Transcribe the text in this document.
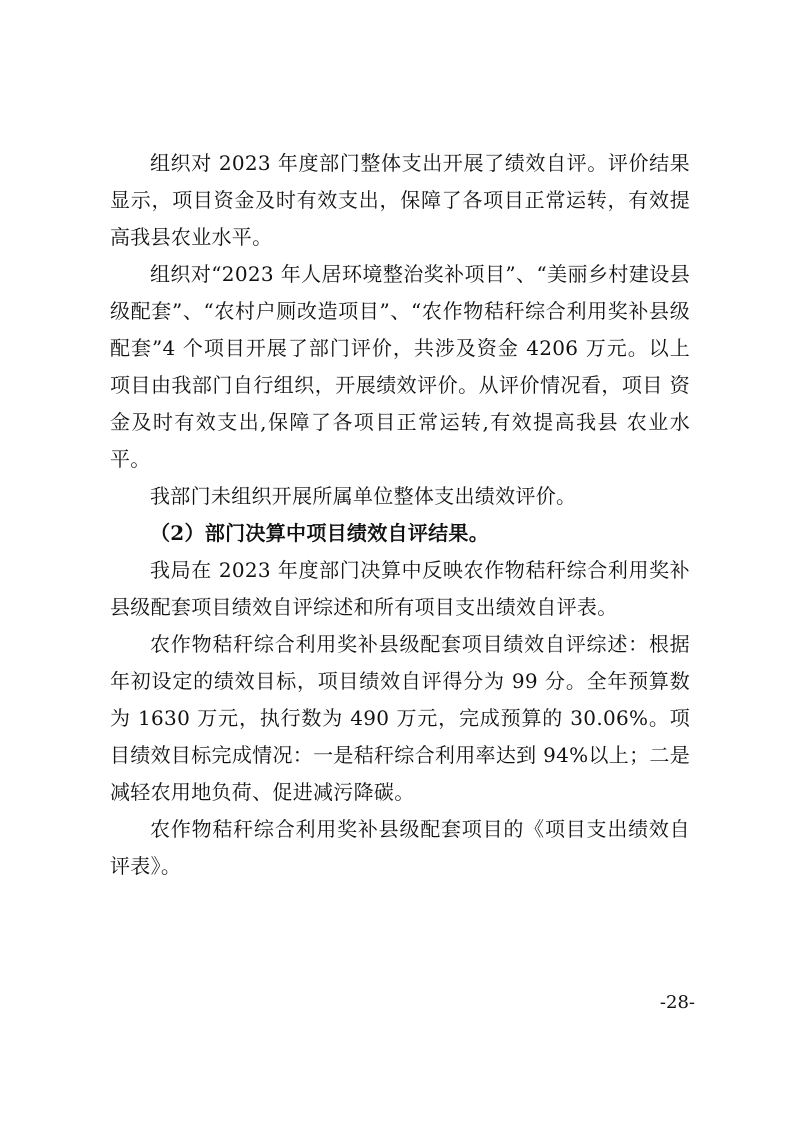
组织对 2023 年度部门整体支出开展了绩效自评。评价结果显示，项目资金及时有效支出，保障了各项目正常运转，有效提高我县农业水平。

组织对“2023 年人居环境整治奖补项目”、“美丽乡村建设县级配套”、“农村户厕改造项目”、“农作物秸秆综合利用奖补县级配套”4 个项目开展了部门评价，共涉及资金 4206 万元。以上项目由我部门自行组织，开展绩效评价。从评价情况看，项目 资金及时有效支出,保障了各项目正常运转,有效提高我县 农业水平。

我部门未组织开展所属单位整体支出绩效评价。

（2）部门决算中项目绩效自评结果。

我局在 2023 年度部门决算中反映农作物秸秆综合利用奖补县级配套项目绩效自评综述和所有项目支出绩效自评表。

农作物秸秆综合利用奖补县级配套项目绩效自评综述：根据年初设定的绩效目标，项目绩效自评得分为 99 分。全年预算数为 1630 万元，执行数为 490 万元，完成预算的 30.06%。项目绩效目标完成情况：一是秸秆综合利用率达到 94%以上；二是减轻农用地负荷、促进减污降碳。

农作物秸秆综合利用奖补县级配套项目的《项目支出绩效自评表》。

-28-
